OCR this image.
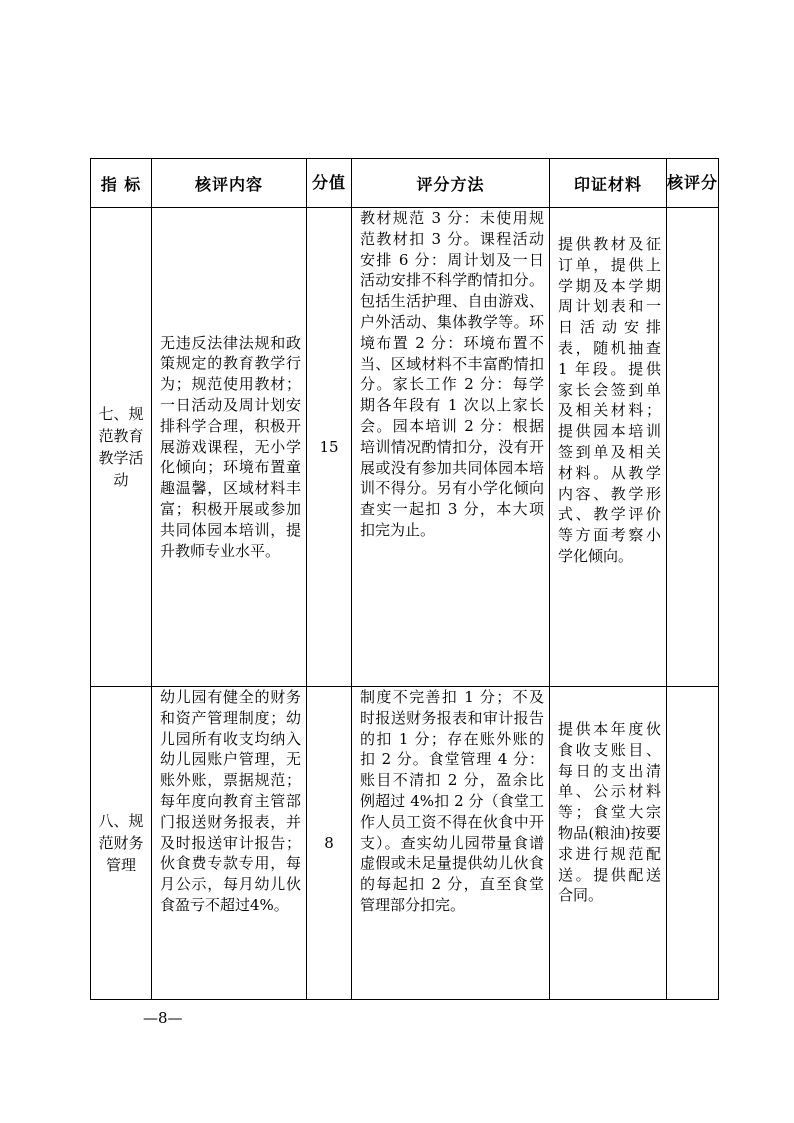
指 标	核评内容	分值	评分方法	印证材料	核评分

七、规范教育教学活动	无违反法律法规和政策规定的教育教学行为；规范使用教材；一日活动及周计划安排科学合理，积极开展游戏课程，无小学化倾向；环境布置童趣温馨，区域材料丰富；积极开展或参加共同体园本培训，提升教师专业水平。	15	教材规范 3 分：未使用规范教材扣 3 分。课程活动安排 6 分：周计划及一日活动安排不科学酌情扣分。包括生活护理、自由游戏、户外活动、集体教学等。环境布置 2 分：环境布置不当、区域材料不丰富酌情扣分。家长工作 2 分：每学期各年段有 1 次以上家长会。园本培训 2 分：根据培训情况酌情扣分，没有开展或没有参加共同体园本培训不得分。另有小学化倾向查实一起扣 3 分，本大项扣完为止。	提供教材及征订单，提供上学期及本学期周计划表和一日活动安排表，随机抽查 1 年段。提供家长会签到单及相关材料；提供园本培训签到单及相关材料。从教学内容、教学形式、教学评价等方面考察小学化倾向。	

八、规范财务管理	幼儿园有健全的财务和资产管理制度；幼儿园所有收支均纳入幼儿园账户管理，无账外账，票据规范；每年度向教育主管部门报送财务报表，并及时报送审计报告；伙食费专款专用，每月公示，每月幼儿伙食盈亏不超过4%。	8	制度不完善扣 1 分；不及时报送财务报表和审计报告的扣 1 分；存在账外账的扣 2 分。食堂管理 4 分：账目不清扣 2 分，盈余比例超过 4%扣 2 分（食堂工作人员工资不得在伙食中开支）。查实幼儿园带量食谱虚假或未足量提供幼儿伙食的每起扣 2 分，直至食堂管理部分扣完。	提供本年度伙食收支账目、每日的支出清单、公示材料等；食堂大宗物品(粮油)按要求进行规范配送。提供配送合同。	

—8—
